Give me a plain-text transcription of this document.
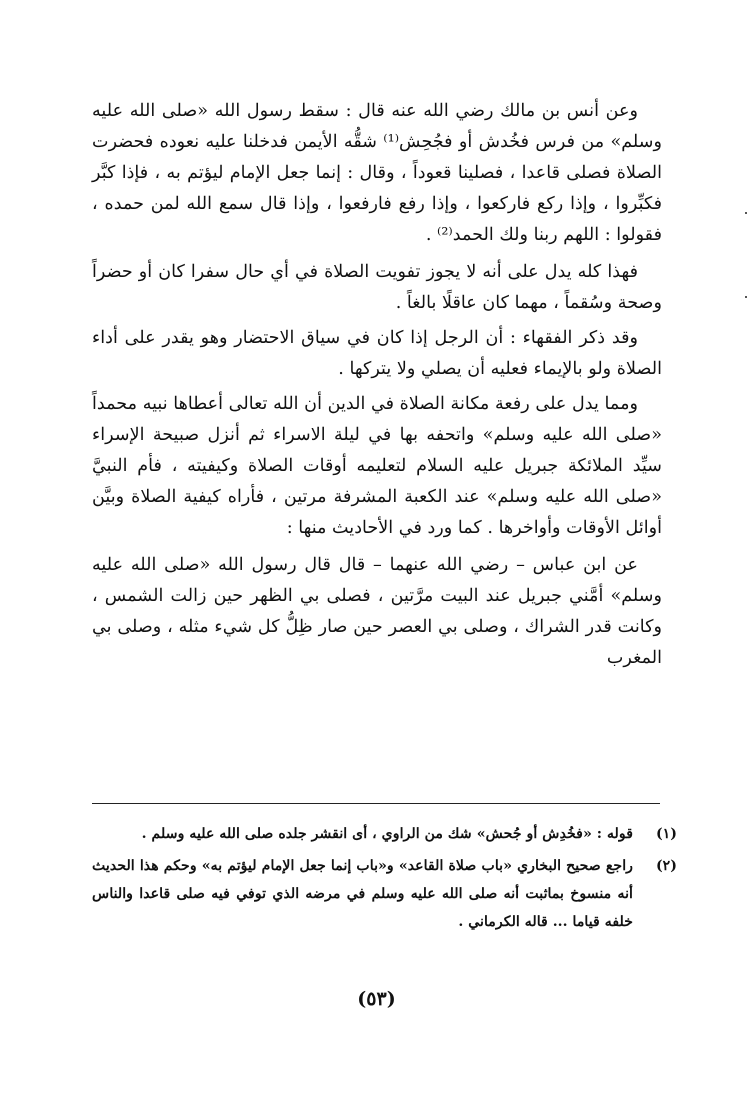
وعن أنس بن مالك رضي الله عنه قال : سقط رسول الله «صلى الله عليه وسلم» من فرس فخُدش أو فجُحِش⁽¹⁾ شقُّه الأيمن فدخلنا عليه نعوده فحضرت الصلاة فصلى قاعدا ، فصلينا قعوداً ، وقال : إنما جعل الإمام ليؤتم به ، فإذا كبَّر فكبِّروا ، وإذا ركع فاركعوا ، وإذا رفع فارفعوا ، وإذا قال سمع الله لمن حمده ، فقولوا : اللهم ربنا ولك الحمد⁽²⁾ .

فهذا كله يدل على أنه لا يجوز تفويت الصلاة في أي حال سفرا كان أو حضراً وصحة وسُقماً ، مهما كان عاقلًا بالغاً .

وقد ذكر الفقهاء : أن الرجل إذا كان في سياق الاحتضار وهو يقدر على أداء الصلاة ولو بالإيماء فعليه أن يصلي ولا يتركها .

ومما يدل على رفعة مكانة الصلاة في الدين أن الله تعالى أعطاها نبيه محمداً «صلى الله عليه وسلم» واتحفه بها في ليلة الاسراء ثم أنزل صبيحة الإسراء سيِّد الملائكة جبريل عليه السلام لتعليمه أوقات الصلاة وكيفيته ، فأم النبيَّ «صلى الله عليه وسلم» عند الكعبة المشرفة مرتين ، فأراه كيفية الصلاة وبيَّن أوائل الأوقات وأواخرها . كما ورد في الأحاديث منها :

عن ابن عباس – رضي الله عنهما – قال قال رسول الله «صلى الله عليه وسلم» أمَّني جبريل عند البيت مرَّتين ، فصلى بي الظهر حين زالت الشمس ، وكانت قدر الشراك ، وصلى بي العصر حين صار ظِلُّ كل شيء مثله ، وصلى بي المغرب

(١)
قوله : «فخُدِش أو جُحش» شك من الراوي ، أى انقشر جلده صلى الله عليه وسلم .
(٢)
راجع صحيح البخاري «باب صلاة القاعد» و«باب إنما جعل الإمام ليؤتم به» وحكم هذا الحديث أنه منسوخ بماثبت أنه صلى الله عليه وسلم في مرضه الذي توفي فيه صلى قاعدا والناس خلفه قياما ... قاله الكرماني .
(٥٣)
